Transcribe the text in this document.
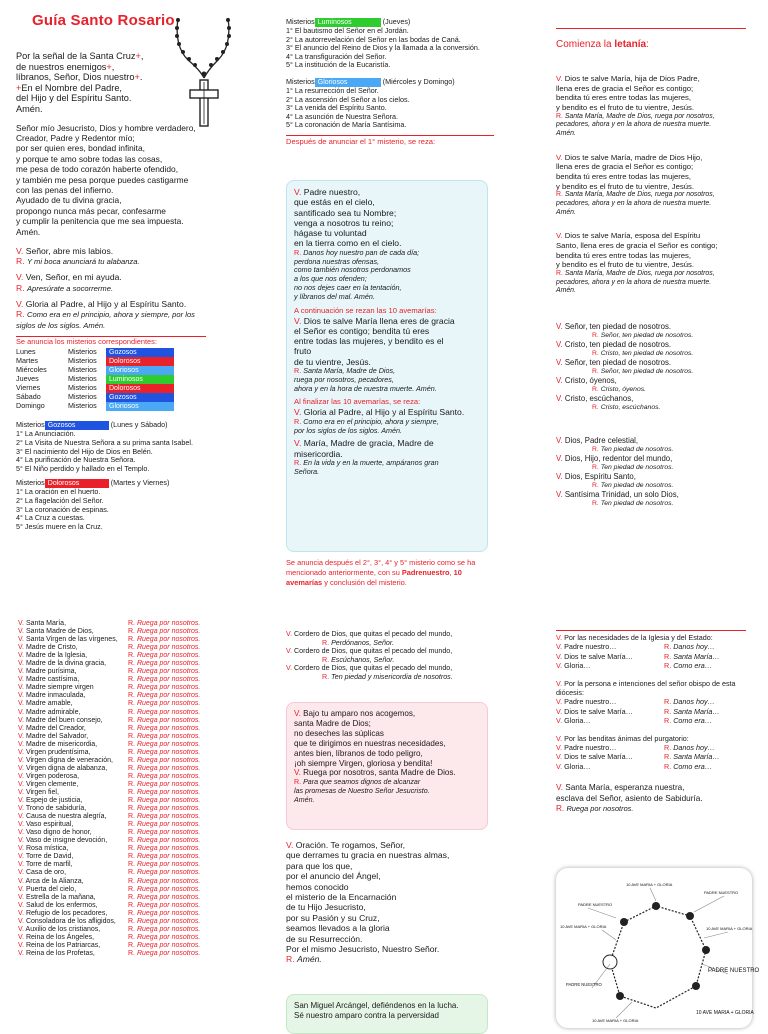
Guía Santo Rosario
Por la señal de la Santa Cruz+,
de nuestros enemigos+,
líbranos, Señor, Dios nuestro+.
+En el Nombre del Padre,
del Hijo y del Espíritu Santo.
Amén.
Señor mío Jesucristo, Dios y hombre verdadero,
Creador, Padre y Redentor mío;
por ser quien eres, bondad infinita,
y porque te amo sobre todas las cosas,
me pesa de todo corazón haberte ofendido,
y también me pesa porque puedes castigarme
con las penas del infierno.
Ayudado de tu divina gracia,
propongo nunca más pecar, confesarme
y cumplir la penitencia que me sea impuesta.
Amén.
V. Señor, abre mis labios.
R. Y mi boca anunciará tu alabanza.
V. Ven, Señor, en mi ayuda.
R. Apresúrate a socorrerme.
V. Gloria al Padre, al Hijo y al Espíritu Santo.
R. Como era en el principio, ahora y siempre, por los siglos de los siglos. Amén.
Se anuncia los misterios correspondientes:
Lunes	Misterios	Gozosos
Martes	Misterios	Dolorosos
Miércoles	Misterios	Gloriosos
Jueves	Misterios	Luminosos
Viernes	Misterios	Dolorosos
Sábado	Misterios	Gozosos
Domingo	Misterios	Gloriosos
Misterios Gozosos	(Lunes y Sábado)
1° La Anunciación.
2° La Visita de Nuestra Señora a su prima santa Isabel.
3° El nacimiento del Hijo de Dios en Belén.
4° La purificación de Nuestra Señora.
5° El Niño perdido y hallado en el Templo.
Misterios Dolorosos	(Martes y Viernes)
1° La oración en el huerto.
2° La flagelación del Señor.
3° La coronación de espinas.
4° La Cruz a cuestas.
5° Jesús muere en la Cruz.
Misterios Luminosos	(Jueves)
1° El bautismo del Señor en el Jordán.
2° La autorrevelación del Señor en las bodas de Caná.
3° El anuncio del Reino de Dios y la llamada a la conversión.
4° La transfiguración del Señor.
5° La institución de la Eucaristía.
Misterios Gloriosos	(Miércoles y Domingo)
1° La resurrección del Señor.
2° La ascensión del Señor a los cielos.
3° La venida del Espíritu Santo.
4° La asunción de Nuestra Señora.
5° La coronación de María Santísima.
Después de anunciar el 1° misterio, se reza:
V. Padre nuestro,
que estás en el cielo,
santificado sea tu Nombre;
venga a nosotros tu reino;
hágase tu voluntad
en la tierra como en el cielo.
R. Danos hoy nuestro pan de cada día;
perdona nuestras ofensas,
como también nosotros perdonamos
a los que nos ofenden;
no nos dejes caer en la tentación,
y líbranos del mal. Amén.
A continuación se rezan las 10 avemarías:
V. Dios te salve María llena eres de gracia
el Señor es contigo; bendita tú eres
entre todas las mujeres, y bendito es el
fruto
de tu vientre, Jesús.
R. Santa María, Madre de Dios,
ruega por nosotros, pecadores,
ahora y en la hora de nuestra muerte. Amén.
Al finalizar las 10 avemarías, se reza:
V. Gloria al Padre, al Hijo y al Espíritu Santo.
R. Como era en el principio, ahora y siempre,
por los siglos de los siglos. Amén.
V. María, Madre de gracia, Madre de
misericordia.
R. En la vida y en la muerte, ampáranos gran
Señora.
Se anuncia después el 2°, 3°, 4° y 5° misterio como se ha mencionado anteriormente, con su Padrenuestro, 10 avemarías y conclusión del misterio.
Comienza la letanía:
V. Dios te salve María, hija de Dios Padre,
llena eres de gracia el Señor es contigo;
bendita tú eres entre todas las mujeres,
y bendito es el fruto de tu vientre, Jesús.
R. Santa María, Madre de Dios, ruega por nosotros,
pecadores, ahora y en la ahora de nuestra muerte.
Amén.
V. Dios te salve María, madre de Dios Hijo,
llena eres de gracia el Señor es contigo;
bendita tú eres entre todas las mujeres,
y bendito es el fruto de tu vientre, Jesús.
R. Santa María, Madre de Dios, ruega por nosotros,
pecadores, ahora y en la ahora de nuestra muerte.
Amén.
V. Dios te salve María, esposa del Espíritu
Santo, llena eres de gracia el Señor es contigo;
bendita tú eres entre todas las mujeres,
y bendito es el fruto de tu vientre, Jesús.
R. Santa María, Madre de Dios, ruega por nosotros,
pecadores, ahora y en la ahora de nuestra muerte.
Amén.
V. Señor, ten piedad de nosotros.
R. Señor, ten piedad de nosotros.
V. Cristo, ten piedad de nosotros.
R. Cristo, ten piedad de nosotros.
V. Señor, ten piedad de nosotros.
R. Señor, ten piedad de nosotros.
V. Cristo, óyenos,
R. Cristo, óyenos.
V. Cristo, escúchanos,
R. Cristo, escúchanos.
V. Dios, Padre celestial,
R. Ten piedad de nosotros.
V. Dios, Hijo, redentor del mundo,
R. Ten piedad de nosotros.
V. Dios, Espíritu Santo,
R. Ten piedad de nosotros.
V. Santísima Trinidad, un solo Dios,
R. Ten piedad de nosotros.
V. Santa María,	R. Ruega por nosotros.
V. Santa Madre de Dios,	R. Ruega por nosotros.
V. Santa Virgen de las vírgenes,	R. Ruega por nosotros.
V. Madre de Cristo,	R. Ruega por nosotros.
V. Madre de la Iglesia,	R. Ruega por nosotros.
V. Madre de la divina gracia,	R. Ruega por nosotros.
V. Madre purísima,	R. Ruega por nosotros.
V. Madre castísima,	R. Ruega por nosotros.
V. Madre siempre virgen	R. Ruega por nosotros.
V. Madre inmaculada,	R. Ruega por nosotros.
V. Madre amable,	R. Ruega por nosotros.
V. Madre admirable,	R. Ruega por nosotros.
V. Madre del buen consejo,	R. Ruega por nosotros.
V. Madre del Creador,	R. Ruega por nosotros.
V. Madre del Salvador,	R. Ruega por nosotros.
V. Madre de misericordia,	R. Ruega por nosotros.
V. Virgen prudentísima,	R. Ruega por nosotros.
V. Virgen digna de veneración,	R. Ruega por nosotros.
V. Virgen digna de alabanza,	R. Ruega por nosotros.
V. Virgen poderosa,	R. Ruega por nosotros.
V. Virgen clemente,	R. Ruega por nosotros.
V. Virgen fiel,	R. Ruega por nosotros.
V. Espejo de justicia,	R. Ruega por nosotros.
V. Trono de sabiduría,	R. Ruega por nosotros.
V. Causa de nuestra alegría,	R. Ruega por nosotros.
V. Vaso espiritual,	R. Ruega por nosotros.
V. Vaso digno de honor,	R. Ruega por nosotros.
V. Vaso de insigne devoción,	R. Ruega por nosotros.
V. Rosa mística,	R. Ruega por nosotros.
V. Torre de David,	R. Ruega por nosotros.
V. Torre de marfil,	R. Ruega por nosotros.
V. Casa de oro,	R. Ruega por nosotros.
V. Arca de la Alianza,	R. Ruega por nosotros.
V. Puerta del cielo,	R. Ruega por nosotros.
V. Estrella de la mañana,	R. Ruega por nosotros.
V. Salud de los enfermos,	R. Ruega por nosotros.
V. Refugio de los pecadores,	R. Ruega por nosotros.
V. Consoladora de los afligidos,	R. Ruega por nosotros.
V. Auxilio de los cristianos,	R. Ruega por nosotros.
V. Reina de los Ángeles,	R. Ruega por nosotros.
V. Reina de los Patriarcas,	R. Ruega por nosotros.
V. Reina de los Profetas,	R. Ruega por nosotros.
V. Cordero de Dios, que quitas el pecado del mundo,
R. Perdónanos, Señor.
V. Cordero de Dios, que quitas el pecado del mundo,
R. Escúchanos, Señor.
V. Cordero de Dios, que quitas el pecado del mundo,
R. Ten piedad y misericordia de nosotros.
V. Bajo tu amparo nos acogemos,
santa Madre de Dios;
no deseches las súplicas
que te dirigimos en nuestras necesidades,
antes bien, líbranos de todo peligro,
¡oh siempre Virgen, gloriosa y bendita!
V. Ruega por nosotros, santa Madre de Dios.
R. Para que seamos dignos de alcanzar
las promesas de Nuestro Señor Jesucristo.
Amén.
V. Oración. Te rogamos, Señor,
que derrames tu gracia en nuestras almas,
para que los que,
por el anuncio del Ángel,
hemos conocido
el misterio de la Encarnación
de tu Hijo Jesucristo,
por su Pasión y su Cruz,
seamos llevados a la gloria
de su Resurrección.
Por el mismo Jesucristo, Nuestro Señor.
R. Amén.
San Miguel Arcángel, defiéndenos en la lucha.
Sé nuestro amparo contra la perversidad
V. Por las necesidades de la Iglesia y del Estado:
V. Padre nuestro…	R. Danos hoy…
V. Dios te salve María…	R. Santa María…
V. Gloria…	R. Como era…
V. Por la persona e intenciones del señor obispo de esta diócesis:
V. Padre nuestro…	R. Danos hoy…
V. Dios te salve María…	R. Santa María…
V. Gloria…	R. Como era…
V. Por las benditas ánimas del purgatorio:
V. Padre nuestro…	R. Danos hoy…
V. Dios te salve María…	R. Santa María…
V. Gloria…	R. Como era…
V. Santa María, esperanza nuestra,
esclava del Señor, asiento de Sabiduría.
R. Ruega por nosotros.
PADRE NUESTRO
10 AVE MARIA + GLORIA
PADRE NUESTRO
10 AVE MARIA + GLORIA	10 AVE MARIA + GLORIA
PADRE NUESTRO
PADRE NUESTRO
10 AVE MARIA + GLORIA
10 AVE MARIA + GLORIA
